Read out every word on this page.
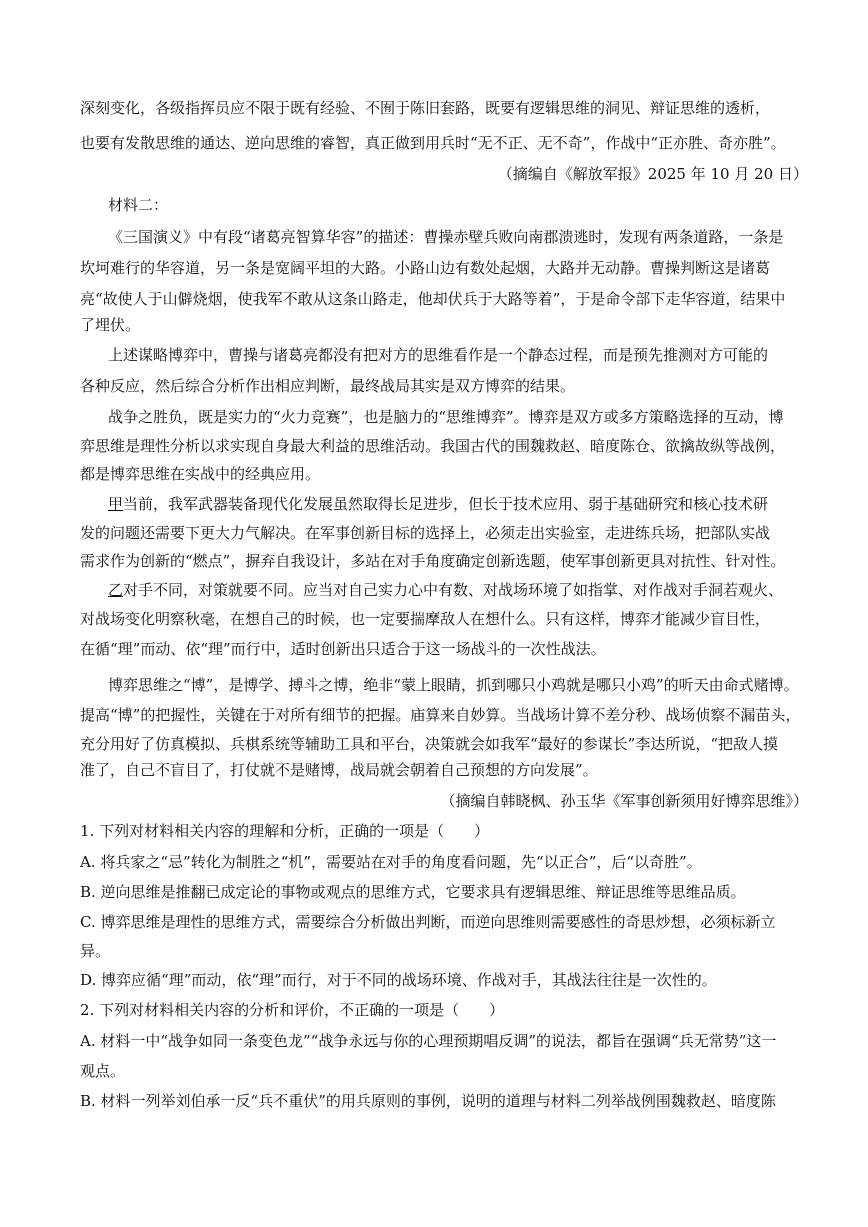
深刻变化，各级指挥员应不限于既有经验、不囿于陈旧套路，既要有逻辑思维的洞见、辩证思维的透析，
也要有发散思维的通达、逆向思维的睿智，真正做到用兵时“无不正、无不奇”，作战中“正亦胜、奇亦胜”。
（摘编自《解放军报》2025 年 10 月 20 日）
材料二：
《三国演义》中有段“诸葛亮智算华容”的描述：曹操赤壁兵败向南郡溃逃时，发现有两条道路，一条是
坎坷难行的华容道，另一条是宽阔平坦的大路。小路山边有数处起烟，大路并无动静。曹操判断这是诸葛
亮“故使人于山僻烧烟，使我军不敢从这条山路走，他却伏兵于大路等着”，于是命令部下走华容道，结果中
了埋伏。
上述谋略博弈中，曹操与诸葛亮都没有把对方的思维看作是一个静态过程，而是预先推测对方可能的
各种反应，然后综合分析作出相应判断，最终战局其实是双方博弈的结果。
战争之胜负，既是实力的“火力竞赛”，也是脑力的“思维博弈”。博弈是双方或多方策略选择的互动，博
弈思维是理性分析以求实现自身最大利益的思维活动。我国古代的围魏救赵、暗度陈仓、欲擒故纵等战例，
都是博弈思维在实战中的经典应用。
甲当前，我军武器装备现代化发展虽然取得长足进步，但长于技术应用、弱于基础研究和核心技术研
发的问题还需要下更大力气解决。在军事创新目标的选择上，必须走出实验室，走进练兵场，把部队实战
需求作为创新的“燃点”，摒弃自我设计，多站在对手角度确定创新选题，使军事创新更具对抗性、针对性。
乙对手不同，对策就要不同。应当对自己实力心中有数、对战场环境了如指掌、对作战对手洞若观火、
对战场变化明察秋毫，在想自己的时候，也一定要揣摩敌人在想什么。只有这样，博弈才能减少盲目性，
在循“理”而动、依“理”而行中，适时创新出只适合于这一场战斗的一次性战法。
博弈思维之“博”，是博学、搏斗之博，绝非“蒙上眼睛，抓到哪只小鸡就是哪只小鸡”的听天由命式赌博。
提高“博”的把握性，关键在于对所有细节的把握。庙算来自妙算。当战场计算不差分秒、战场侦察不漏苗头，
充分用好了仿真模拟、兵棋系统等辅助工具和平台，决策就会如我军“最好的参谋长”李达所说，“把敌人摸
准了，自己不盲目了，打仗就不是赌博，战局就会朝着自己预想的方向发展”。
（摘编自韩晓枫、孙玉华《军事创新须用好博弈思维》）
1. 下列对材料相关内容的理解和分析，正确的一项是（　　）
A. 将兵家之“忌”转化为制胜之“机”，需要站在对手的角度看问题，先“以正合”，后“以奇胜”。
B. 逆向思维是推翻已成定论的事物或观点的思维方式，它要求具有逻辑思维、辩证思维等思维品质。
C. 博弈思维是理性的思维方式，需要综合分析做出判断，而逆向思维则需要感性的奇思炒想，必须标新立
异。
D. 博弈应循“理”而动，依“理”而行，对于不同的战场环境、作战对手，其战法往往是一次性的。
2. 下列对材料相关内容的分析和评价，不正确的一项是（　　）
A. 材料一中“战争如同一条变色龙”“战争永远与你的心理预期唱反调”的说法，都旨在强调“兵无常势”这一
观点。
B. 材料一列举刘伯承一反“兵不重伏”的用兵原则的事例，说明的道理与材料二列举战例围魏救赵、暗度陈
